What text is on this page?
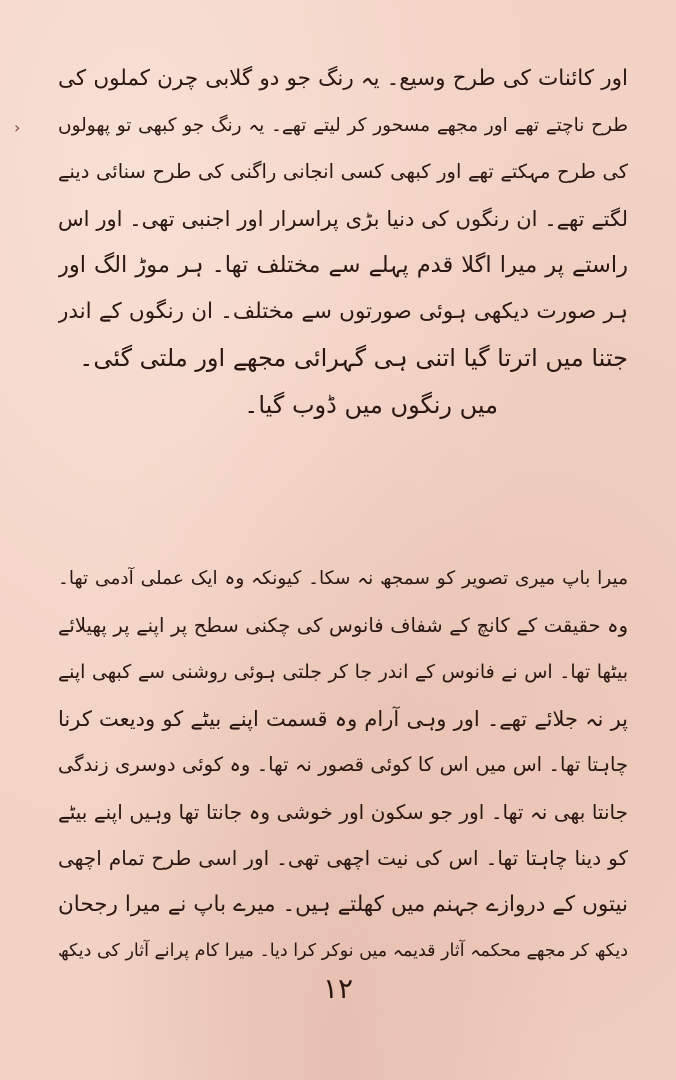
›
اور کائنات کی طرح وسیع۔ یہ رنگ جو دو گلابی چرن کملوں کی
طرح ناچتے تھے اور مجھے مسحور کر لیتے تھے۔ یہ رنگ جو کبھی تو پھولوں
کی طرح مہکتے تھے اور کبھی کسی انجانی راگنی کی طرح سنائی دینے
لگتے تھے۔ ان رنگوں کی دنیا بڑی پراسرار اور اجنبی تھی۔ اور اس
راستے پر میرا اگلا قدم پہلے سے مختلف تھا۔ ہر موڑ الگ اور
ہر صورت دیکھی ہوئی صورتوں سے مختلف۔ ان رنگوں کے اندر
جتنا میں اترتا گیا اتنی ہی گہرائی مجھے اور ملتی گئی۔
میں رنگوں میں ڈوب گیا۔
میرا باپ میری تصویر کو سمجھ نہ سکا۔ کیونکہ وہ ایک عملی آدمی تھا۔
وہ حقیقت کے کانچ کے شفاف فانوس کی چکنی سطح پر اپنے پر پھیلائے
بیٹھا تھا۔ اس نے فانوس کے اندر جا کر جلتی ہوئی روشنی سے کبھی اپنے
پر نہ جلائے تھے۔ اور وہی آرام وہ قسمت اپنے بیٹے کو ودیعت کرنا
چاہتا تھا۔ اس میں اس کا کوئی قصور نہ تھا۔ وہ کوئی دوسری زندگی
جانتا بھی نہ تھا۔ اور جو سکون اور خوشی وہ جانتا تھا وہیں اپنے بیٹے
کو دینا چاہتا تھا۔ اس کی نیت اچھی تھی۔ اور اسی طرح تمام اچھی
نیتوں کے دروازے جہنم میں کھلتے ہیں۔ میرے باپ نے میرا رجحان
دیکھ کر مجھے محکمہ آثار قدیمہ میں نوکر کرا دیا۔ میرا کام پرانے آثار کی دیکھ
۱۲
